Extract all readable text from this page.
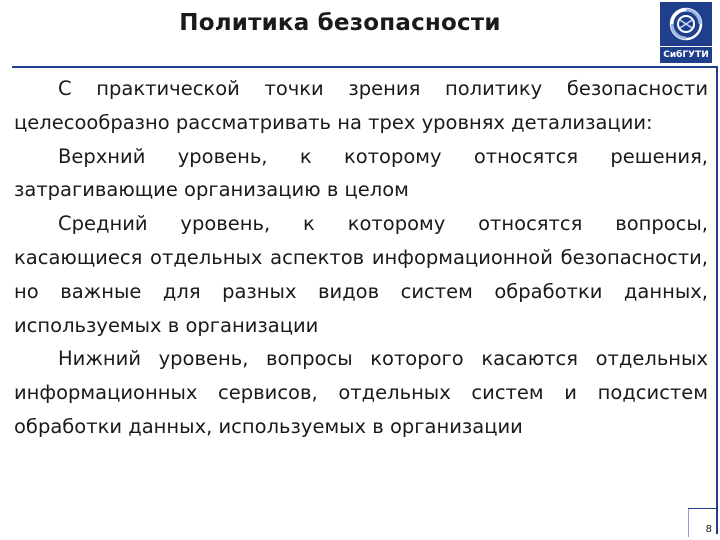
Политика безопасности
СибГУТИ

С практической точки зрения политику безопасности целесообразно рассматривать на трех уровнях детализации:

Верхний уровень, к которому относятся решения, затрагивающие организацию в целом

Средний уровень, к которому относятся вопросы, касающиеся отдельных аспектов информационной безопасности, но важные для разных видов систем обработки данных, используемых в организации

Нижний уровень, вопросы которого касаются отдельных информационных сервисов, отдельных систем и подсистем обработки данных, используемых в организации

8
